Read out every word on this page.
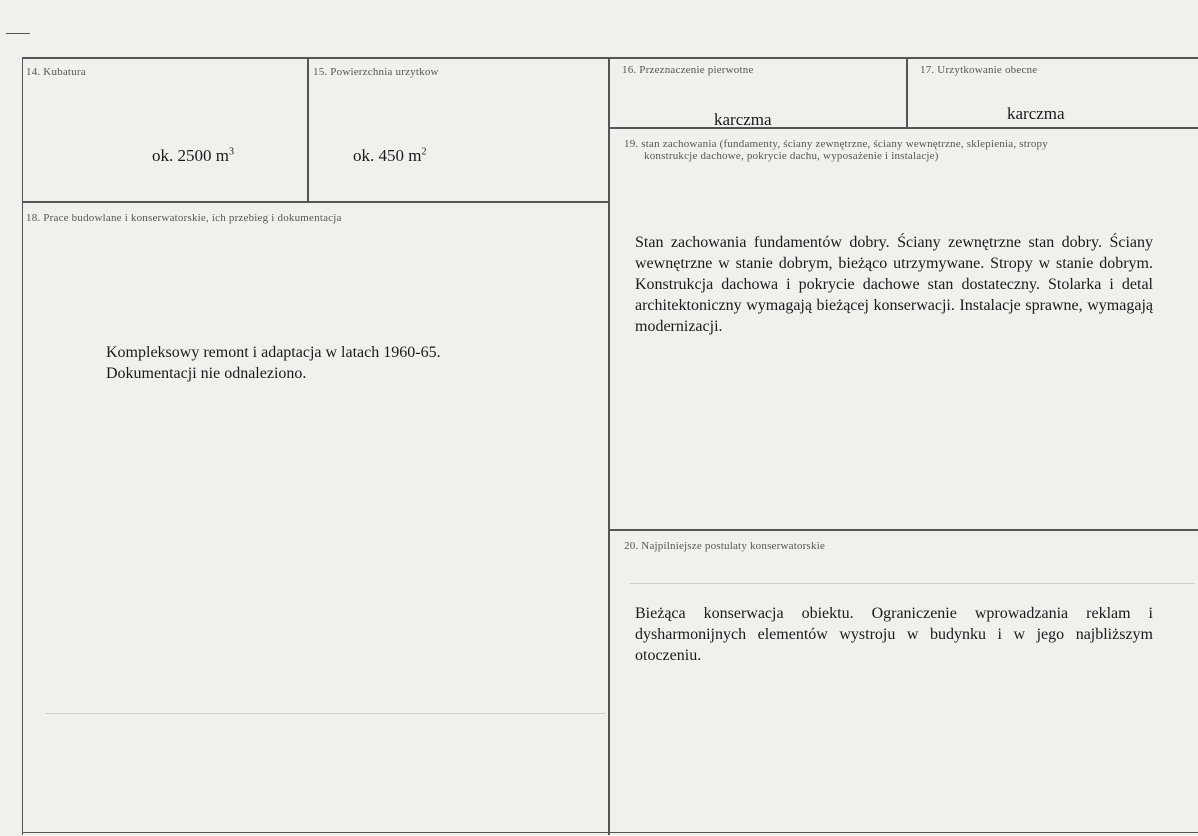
14. Kubatura
ok. 2500 $m^3$
15. Powierzchnia urzytkow
ok. 450 $m^2$
16. Przeznaczenie pierwotne
karczma
17. Urzytkowanie obecne
karczma
18. Prace budowlane i konserwatorskie, ich przebieg i dokumentacja
Kompleksowy remont i adaptacja w latach 1960-65.
Dokumentacji nie odnaleziono.
19. stan zachowania (fundamenty, ściany zewnętrzne, ściany wewnętrzne, sklepienia, stropy
konstrukcje dachowe, pokrycie dachu, wyposażenie i instalacje)
Stan zachowania fundamentów dobry. Ściany zewnętrzne stan dobry. Ściany wewnętrzne w stanie dobrym, bieżąco utrzymywane. Stropy w stanie dobrym. Konstrukcja dachowa i pokrycie dachowe stan dostateczny. Stolarka i detal architektoniczny wymagają bieżącej konserwacji. Instalacje sprawne, wymagają modernizacji.
20. Najpilniejsze postulaty konserwatorskie
Bieżąca konserwacja obiektu. Ograniczenie wprowadzania reklam i dysharmonijnych elementów wystroju w budynku i w jego najbliższym otoczeniu.
